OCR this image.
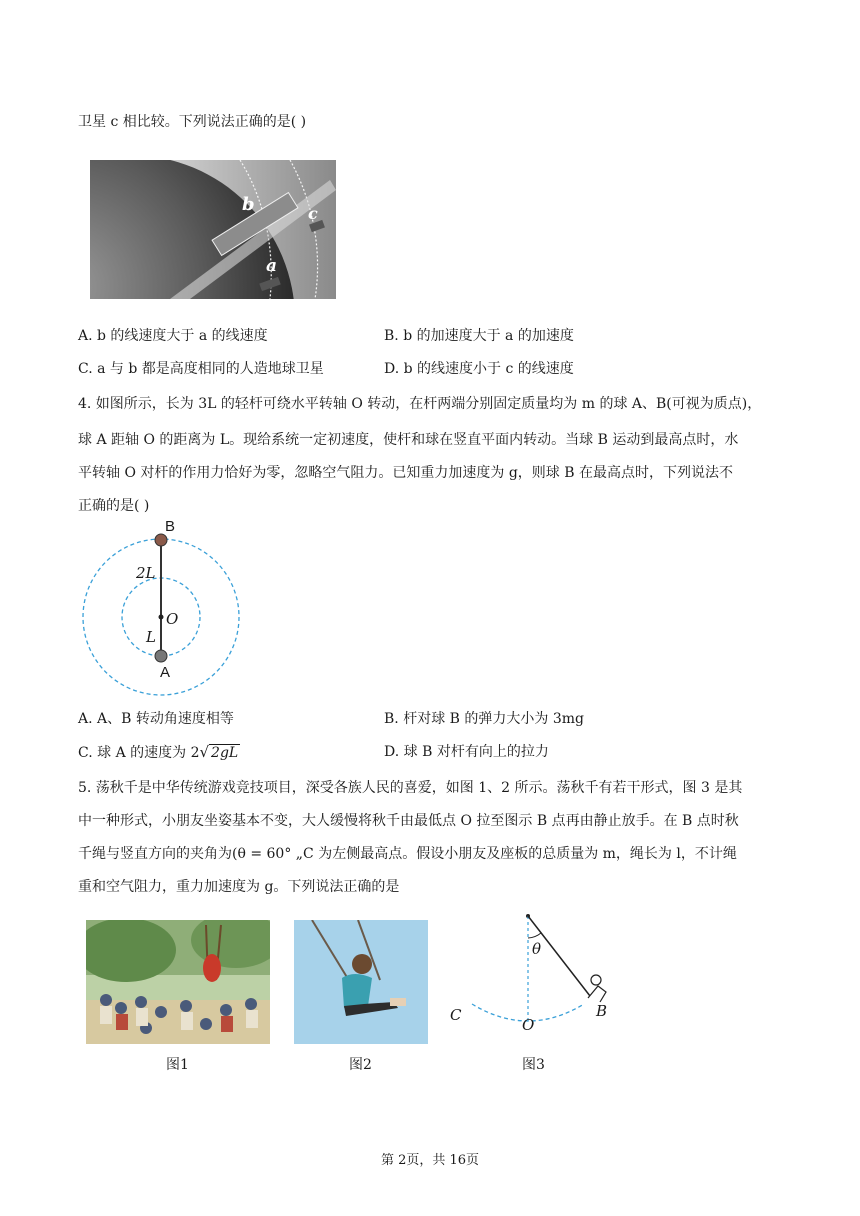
卫星 c 相比较。下列说法正确的是( )
b	c
a
A. b 的线速度大于 a 的线速度	B. b 的加速度大于 a 的加速度
C. a 与 b 都是高度相同的人造地球卫星	D. b 的线速度小于 c 的线速度
4. 如图所示，长为 3L 的轻杆可绕水平转轴 O 转动，在杆两端分别固定质量均为 m 的球 A、B(可视为质点)，
球 A 距轴 O 的距离为 L。现给系统一定初速度，使杆和球在竖直平面内转动。当球 B 运动到最高点时，水
平转轴 O 对杆的作用力恰好为零，忽略空气阻力。已知重力加速度为 g，则球 B 在最高点时，下列说法不
正确的是( )
B
2L
O
L
A
A. A、B 转动角速度相等	B. 杆对球 B 的弹力大小为 3mg
C. 球 A 的速度为 2√ 2gL	D. 球 B 对杆有向上的拉力
5. 荡秋千是中华传统游戏竞技项目，深受各族人民的喜爱，如图 1、2 所示。荡秋千有若干形式，图 3 是其
中一种形式，小朋友坐姿基本不变，大人缓慢将秋千由最低点 O 拉至图示 B 点再由静止放手。在 B 点时秋
千绳与竖直方向的夹角为(θ = 60° „C 为左侧最高点。假设小朋友及座板的总质量为 m，绳长为 l，不计绳
重和空气阻力，重力加速度为 g。下列说法正确的是
θ
C
O
B
图1	图2	图3
第 2页，共 16页
